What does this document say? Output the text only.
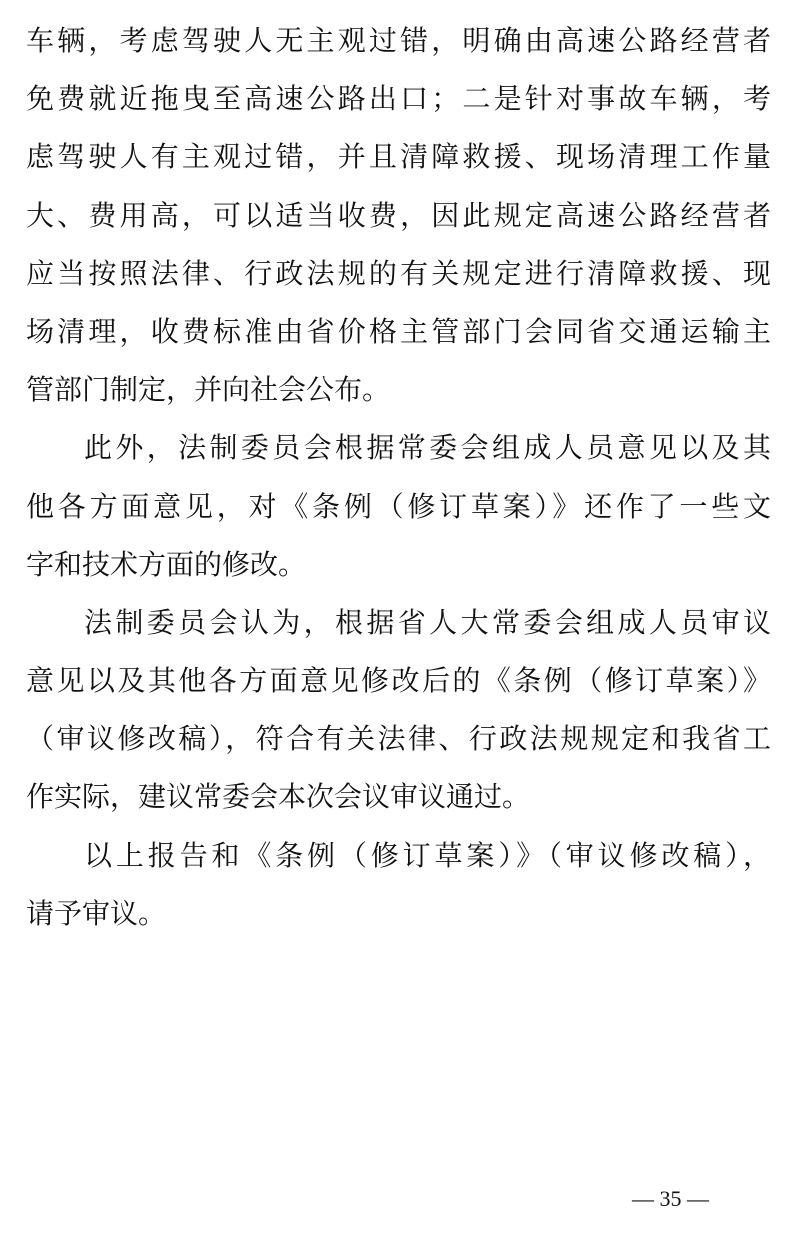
车辆，考虑驾驶人无主观过错，明确由高速公路经营者
免费就近拖曳至高速公路出口；二是针对事故车辆，考
虑驾驶人有主观过错，并且清障救援、现场清理工作量
大、费用高，可以适当收费，因此规定高速公路经营者
应当按照法律、行政法规的有关规定进行清障救援、现
场清理，收费标准由省价格主管部门会同省交通运输主
管部门制定，并向社会公布。
此外，法制委员会根据常委会组成人员意见以及其
他各方面意见，对《条例（修订草案）》还作了一些文
字和技术方面的修改。
法制委员会认为，根据省人大常委会组成人员审议
意见以及其他各方面意见修改后的《条例（修订草案）》
（审议修改稿），符合有关法律、行政法规规定和我省工
作实际，建议常委会本次会议审议通过。
以上报告和《条例（修订草案）》（审议修改稿），
请予审议。
— 35 —
